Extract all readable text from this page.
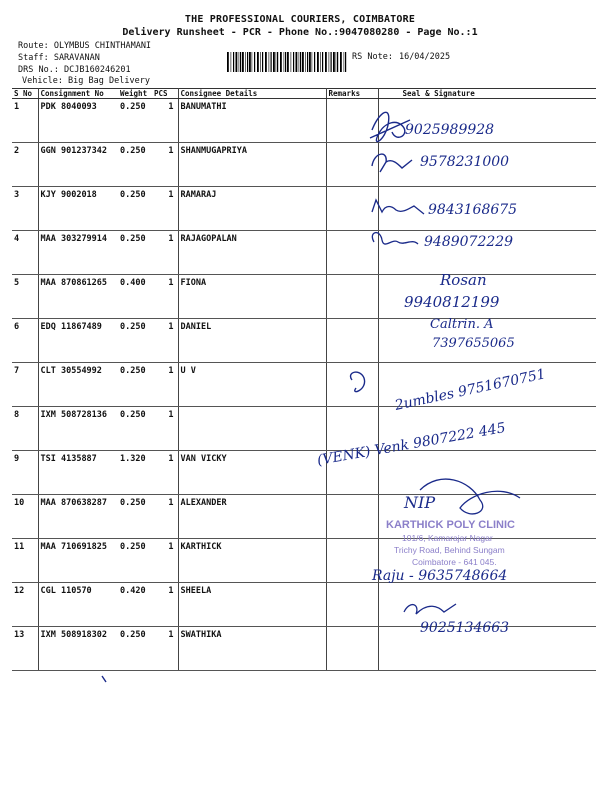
THE PROFESSIONAL COURIERS, COIMBATORE
Delivery Runsheet - PCR - Phone No.:9047080280 - Page No.:1
Route: OLYMBUS CHINTHAMANI
Staff: SARAVANAN
DRS No.: DCJB160246201
Vehicle: Big Bag Delivery
RS Note: 16/04/2025
S No	Consignment No	Weight	PCS	Consignee Details	Remarks	Seal & Signature
1	PDK 8040093	0.250	1	BANUMATHI		
2	GGN 901237342	0.250	1	SHANMUGAPRIYA		
3	KJY 9002018	0.250	1	RAMARAJ		
4	MAA 303279914	0.250	1	RAJAGOPALAN		
5	MAA 870861265	0.400	1	FIONA		
6	EDQ 11867489	0.250	1	DANIEL		
7	CLT 30554992	0.250	1	U V		
8	IXM 508728136	0.250	1			
9	TSI 4135887	1.320	1	VAN VICKY		
10	MAA 870638287	0.250	1	ALEXANDER		
11	MAA 710691825	0.250	1	KARTHICK		
12	CGL 110570	0.420	1	SHEELA		
13	IXM 508918302	0.250	1	SWATHIKA		
9025989928
9578231000
9843168675
9489072229
Rosan
9940812199
Caltrin. A
7397655065
2umbles 9751670751
(VENK) Venk 9807222 445
NIP
KARTHICK POLY CLINIC
101/6, Kamarajar Nagar
Trichy Road, Behind Sungam
Coimbatore - 641 045.
Raju - 9635748664
9025134663
